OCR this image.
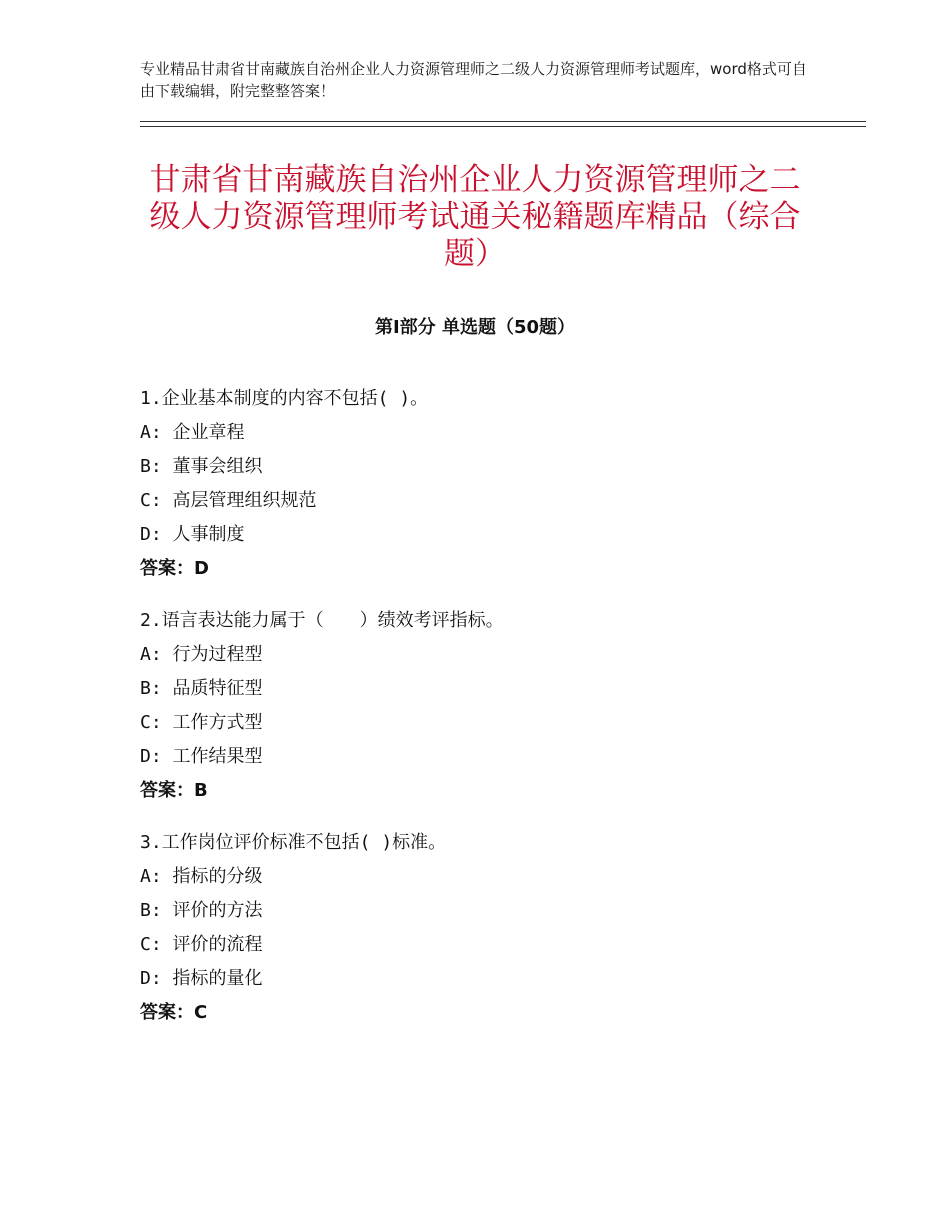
专业精品甘肃省甘南藏族自治州企业人力资源管理师之二级人力资源管理师考试题库，word格式可自由下载编辑，附完整整答案！
甘肃省甘南藏族自治州企业人力资源管理师之二级人力资源管理师考试通关秘籍题库精品（综合题）
第Ⅰ部分 单选题（50题）
1.企业基本制度的内容不包括( )。
A: 企业章程
B: 董事会组织
C: 高层管理组织规范
D: 人事制度
答案：D
2.语言表达能力属于（　　）绩效考评指标。
A: 行为过程型
B: 品质特征型
C: 工作方式型
D: 工作结果型
答案：B
3.工作岗位评价标准不包括( )标准。
A: 指标的分级
B: 评价的方法
C: 评价的流程
D: 指标的量化
答案：C
